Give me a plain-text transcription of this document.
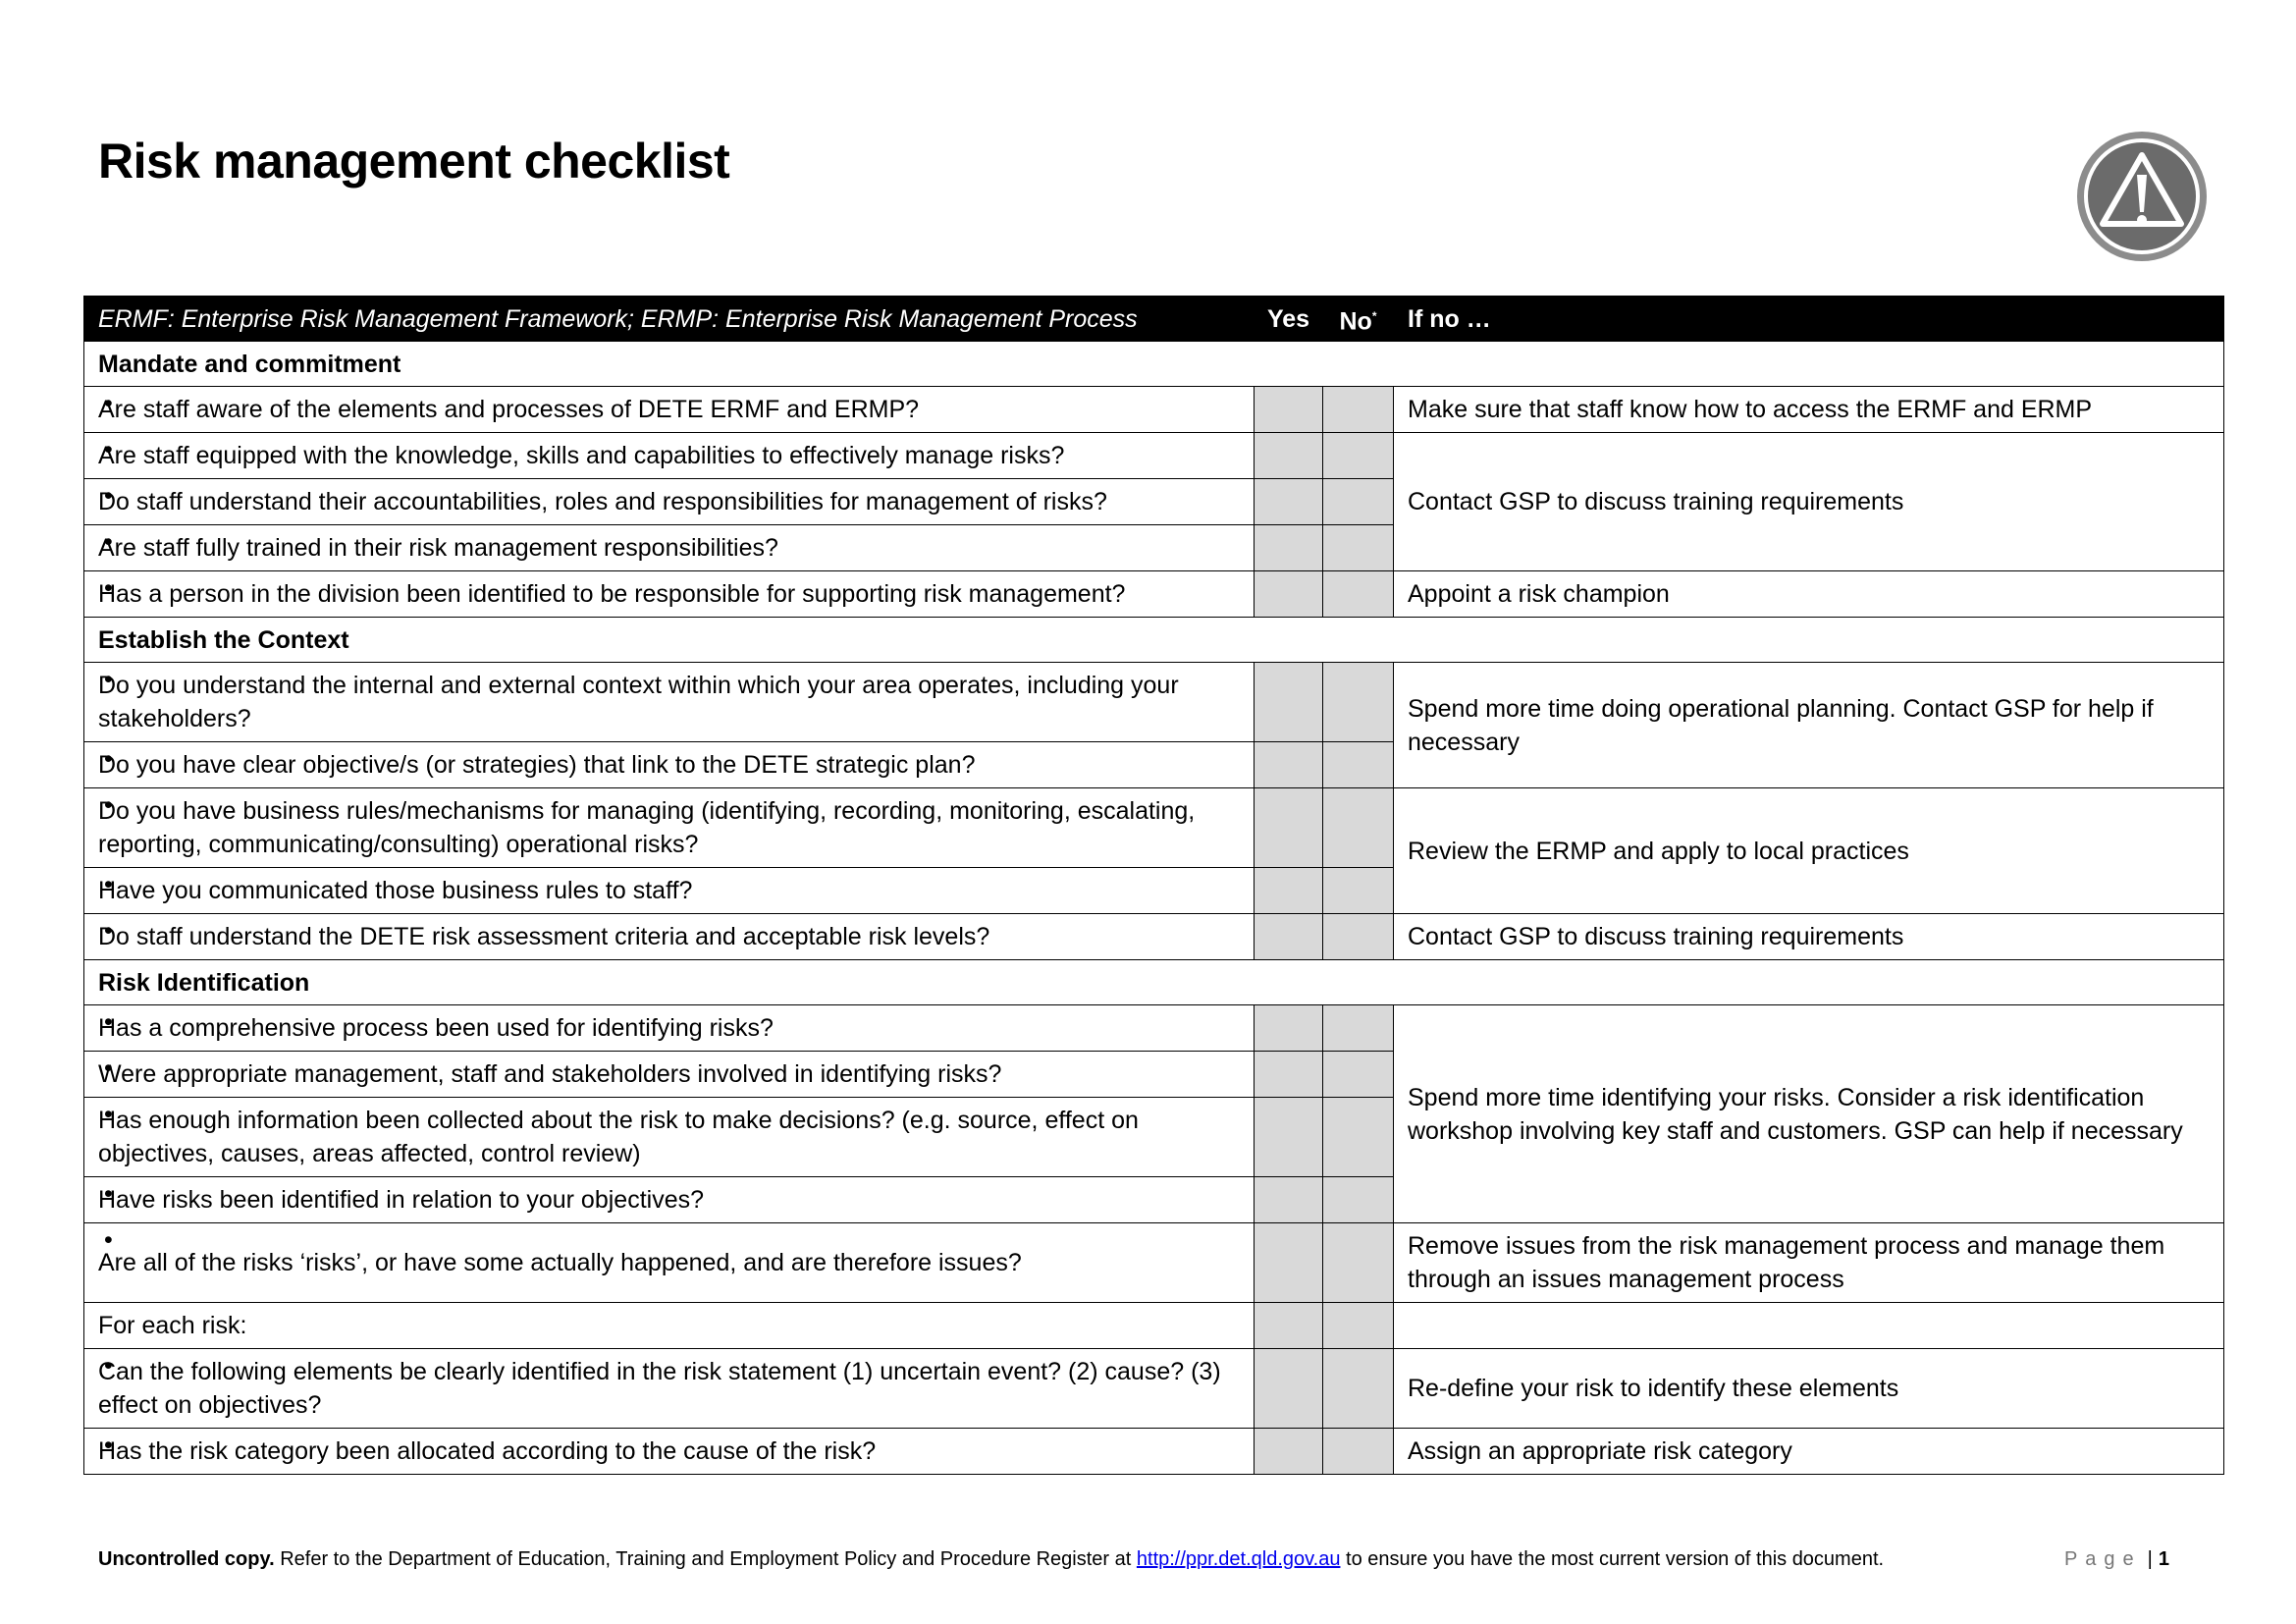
Risk management checklist
ERMF: Enterprise Risk Management Framework; ERMP: Enterprise Risk Management Process	Yes	No*	If no …
Mandate and commitment			
• Are staff aware of the elements and processes of DETE ERMF and ERMP?			Make sure that staff know how to access the ERMF and ERMP
• Are staff equipped with the knowledge, skills and capabilities to effectively manage risks?			Contact GSP to discuss training requirements
• Do staff understand their accountabilities, roles and responsibilities for management of risks?		
• Are staff fully trained in their risk management responsibilities?		
• Has a person in the division been identified to be responsible for supporting risk management?			Appoint a risk champion
Establish the Context			
• Do you understand the internal and external context within which your area operates, including your stakeholders?			Spend more time doing operational planning. Contact GSP for help if necessary
• Do you have clear objective/s (or strategies) that link to the DETE strategic plan?		
• Do you have business rules/mechanisms for managing (identifying, recording, monitoring, escalating, reporting, communicating/consulting) operational risks?			Review the ERMP and apply to local practices
• Have you communicated those business rules to staff?		
• Do staff understand the DETE risk assessment criteria and acceptable risk levels?			Contact GSP to discuss training requirements
Risk Identification			
• Has a comprehensive process been used for identifying risks?			Spend more time identifying your risks. Consider a risk identification workshop involving key staff and customers. GSP can help if necessary
• Were appropriate management, staff and stakeholders involved in identifying risks?		
• Has enough information been collected about the risk to make decisions? (e.g. source, effect on objectives, causes, areas affected, control review)		
• Have risks been identified in relation to your objectives?		
• Are all of the risks ‘risks’, or have some actually happened, and are therefore issues?			Remove issues from the risk management process and manage them through an issues management process
For each risk:			
• Can the following elements be clearly identified in the risk statement (1) uncertain event? (2) cause? (3) effect on objectives?			Re-define your risk to identify these elements
• Has the risk category been allocated according to the cause of the risk?			Assign an appropriate risk category
Uncontrolled copy. Refer to the Department of Education, Training and Employment Policy and Procedure Register at http://ppr.det.qld.gov.au to ensure you have the most current version of this document.	Page | 1
